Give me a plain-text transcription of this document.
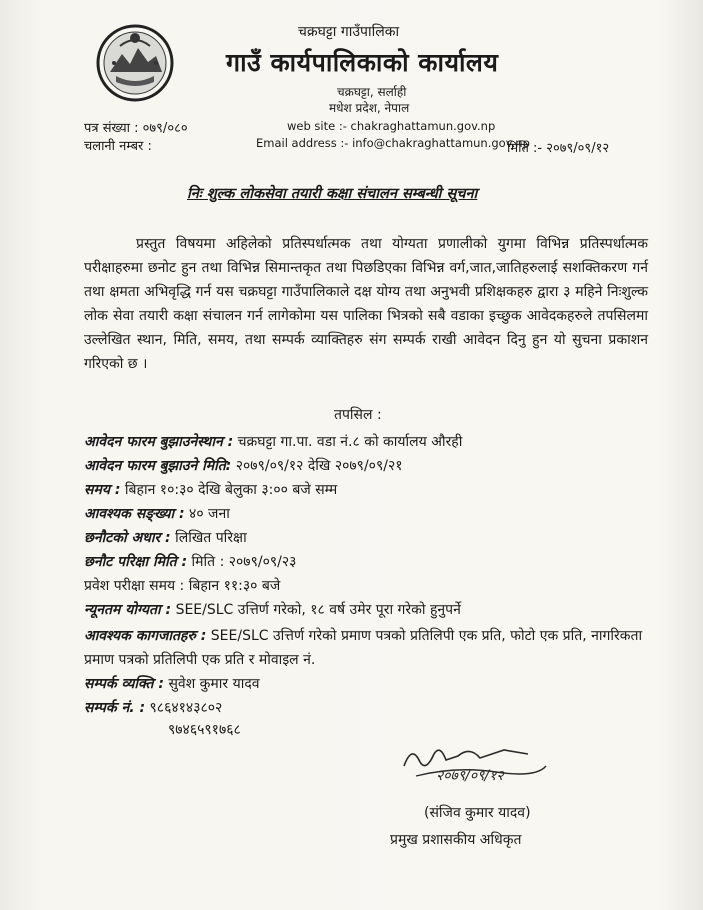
चक्रघट्टा गाउँपालिका
गाउँ कार्यपालिकाको कार्यालय
चक्रघट्टा, सर्लाही
मधेश प्रदेश, नेपाल
पत्र संख्या : ०७९/०८०
चलानी नम्बर :
web site :- chakraghattamun.gov.np
Email address :- info@chakraghattamun.gov.np
मिति :- २०७९/०९/१२
निः शुल्क लोकसेवा तयारी कक्षा संचालन सम्बन्धी सूचना
प्रस्तुत विषयमा अहिलेको प्रतिस्पर्धात्मक तथा योग्यता प्रणालीको युगमा विभिन्न प्रतिस्पर्धात्मक परीक्षाहरुमा छनोट हुन तथा विभिन्न सिमान्तकृत तथा पिछडिएका विभिन्न वर्ग,जात,जातिहरुलाई सशक्तिकरण गर्न तथा क्षमता अभिवृद्धि गर्न यस चक्रघट्टा गाउँपालिकाले दक्ष योग्य तथा अनुभवी प्रशिक्षकहरु द्वारा ३ महिने निःशुल्क लोक सेवा तयारी कक्षा संचालन गर्न लागेकोमा यस पालिका भित्रको सबै वडाका इच्छुक आवेदकहरुले तपसिलमा उल्लेखित स्थान, मिति, समय, तथा सम्पर्क व्याक्तिहरु संग सम्पर्क राखी आवेदन दिनु हुन यो सुचना प्रकाशन गरिएको छ ।
तपसिल :
आवेदन फारम बुझाउनेस्थान : चक्रघट्टा गा.पा. वडा नं.८ को कार्यालय औरही
आवेदन फारम बुझाउने मिति: २०७९/०९/१२ देखि २०७९/०९/२१
समय : बिहान १०:३० देखि बेलुका ३:०० बजे सम्म
आवश्यक सङ्ख्या : ४० जना
छनौटको अधार : लिखित परिक्षा
छनौट परिक्षा मिति : मिति : २०७९/०९/२३
प्रवेश परीक्षा समय : बिहान ११:३० बजे
न्यूनतम योग्यता : SEE/SLC उत्तिर्ण गरेको, १८ वर्ष उमेर पूरा गरेको हुनुपर्ने
आवश्यक कागजातहरु : SEE/SLC उत्तिर्ण गरेको प्रमाण पत्रको प्रतिलिपी एक प्रति, फोटो एक प्रति, नागरिकता प्रमाण पत्रको प्रतिलिपी एक प्रति र मोवाइल नं.
सम्पर्क व्यक्ति : सुवेश कुमार यादव
सम्पर्क नं. : ९८६४१४३८०२
९७४६५९१७६८
२०७९/०९/१२
(संजिव कुमार यादव)
प्रमुख प्रशासकीय अधिकृत
